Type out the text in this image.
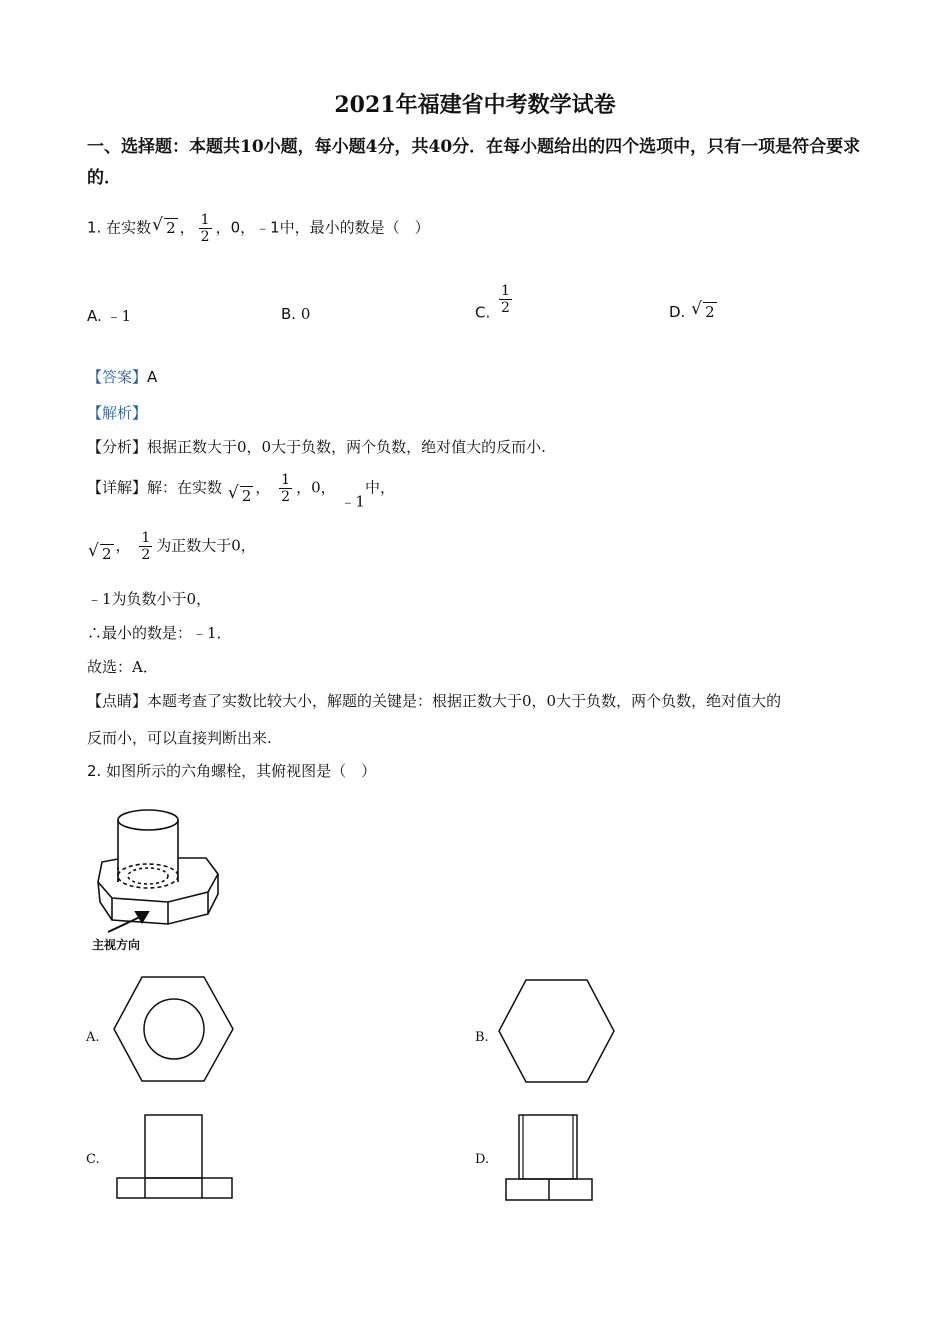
2021年福建省中考数学试卷
一、选择题：本题共10小题，每小题4分，共40分．在每小题给出的四个选项中，只有一项是符合要求的．
1. 在实数 √ 2 ， $\frac{1}{2}$ ，0，﹣1中，最小的数是（　）
A. ﹣1	B. 0	C. $\frac{1}{2}$	D. √ 2
【答案】A
【解析】
【分析】根据正数大于0，0大于负数，两个负数，绝对值大的反而小.
【详解】解：在实数 √ 2 ， $\frac{1}{2}$ ，0， ﹣1中，
√ 2 ， $\frac{1}{2}$ 为正数大于0，
﹣1为负数小于0，
∴最小的数是：﹣1．
故选：A．
【点睛】本题考查了实数比较大小，解题的关键是：根据正数大于0，0大于负数，两个负数，绝对值大的
反而小，可以直接判断出来.
2. 如图所示的六角螺栓，其俯视图是（　）
主视方向
A.	B.
C.	D.
